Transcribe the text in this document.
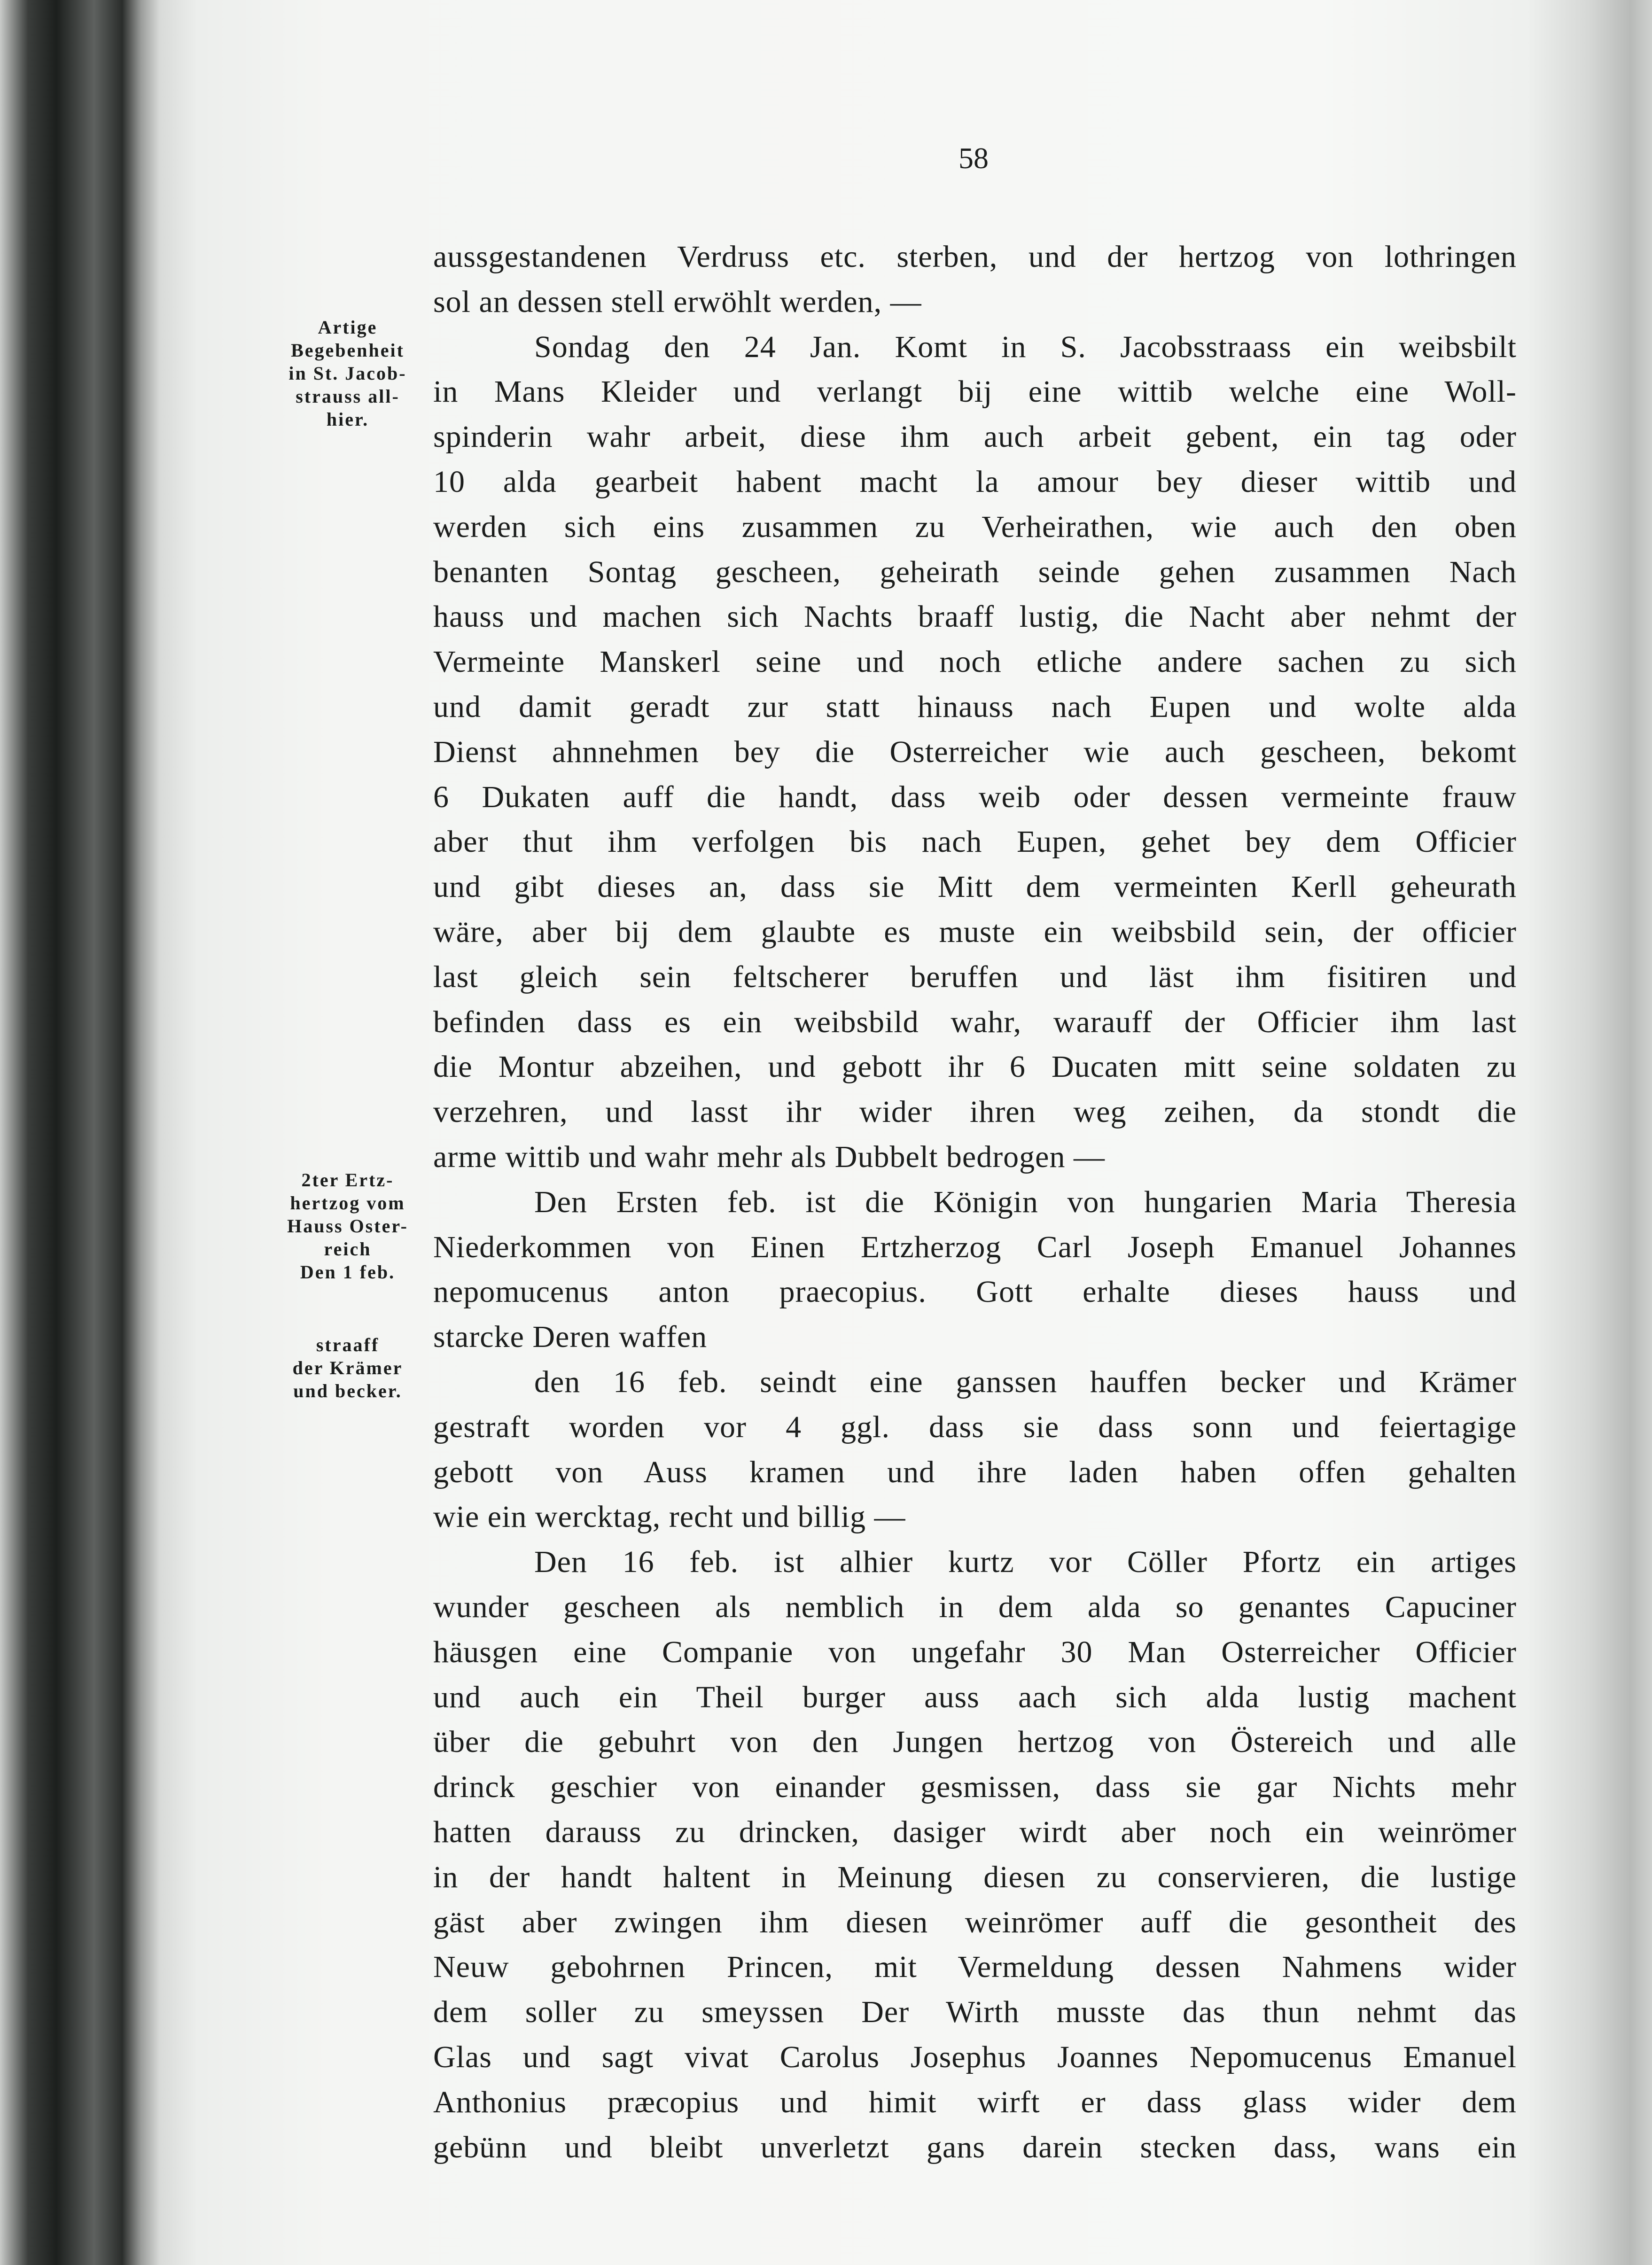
58
aussgestandenen Verdruss etc. sterben, und der hertzog von lothringen
sol an dessen stell erwöhlt werden, —
Sondag den 24 Jan. Komt in S. Jacobsstraass ein weibsbilt
in Mans Kleider und verlangt bij eine wittib welche eine Woll-
spinderin wahr arbeit, diese ihm auch arbeit gebent, ein tag oder
10 alda gearbeit habent macht la amour bey dieser wittib und
werden sich eins zusammen zu Verheirathen, wie auch den oben
benanten Sontag gescheen, geheirath seinde gehen zusammen Nach
hauss und machen sich Nachts braaff lustig, die Nacht aber nehmt der
Vermeinte Manskerl seine und noch etliche andere sachen zu sich
und damit geradt zur statt hinauss nach Eupen und wolte alda
Dienst ahnnehmen bey die Osterreicher wie auch gescheen, bekomt
6 Dukaten auff die handt, dass weib oder dessen vermeinte frauw
aber thut ihm verfolgen bis nach Eupen, gehet bey dem Officier
und gibt dieses an, dass sie Mitt dem vermeinten Kerll geheurath
wäre, aber bij dem glaubte es muste ein weibsbild sein, der officier
last gleich sein feltscherer beruffen und läst ihm fisitiren und
befinden dass es ein weibsbild wahr, warauff der Officier ihm last
die Montur abzeihen, und gebott ihr 6 Ducaten mitt seine soldaten zu
verzehren, und lasst ihr wider ihren weg zeihen, da stondt die
arme wittib und wahr mehr als Dubbelt bedrogen —
Den Ersten feb. ist die Königin von hungarien Maria Theresia
Niederkommen von Einen Ertzherzog Carl Joseph Emanuel Johannes
nepomucenus anton praecopius. Gott erhalte dieses hauss und
starcke Deren waffen
den 16 feb. seindt eine ganssen hauffen becker und Krämer
gestraft worden vor 4 ggl. dass sie dass sonn und feiertagige
gebott von Auss kramen und ihre laden haben offen gehalten
wie ein wercktag, recht und billig —
Den 16 feb. ist alhier kurtz vor Cöller Pfortz ein artiges
wunder gescheen als nemblich in dem alda so genantes Capuciner
häusgen eine Companie von ungefahr 30 Man Osterreicher Officier
und auch ein Theil burger auss aach sich alda lustig machent
über die gebuhrt von den Jungen hertzog von Östereich und alle
drinck geschier von einander gesmissen, dass sie gar Nichts mehr
hatten darauss zu drincken, dasiger wirdt aber noch ein weinrömer
in der handt haltent in Meinung diesen zu conservieren, die lustige
gäst aber zwingen ihm diesen weinrömer auff die gesontheit des
Neuw gebohrnen Princen, mit Vermeldung dessen Nahmens wider
dem soller zu smeyssen Der Wirth musste das thun nehmt das
Glas und sagt vivat Carolus Josephus Joannes Nepomucenus Emanuel
Anthonius præcopius und himit wirft er dass glass wider dem
gebünn und bleibt unverletzt gans darein stecken dass, wans ein
Artige
Begebenheit
in St. Jacob-
strauss all-
hier.
2ter Ertz-
hertzog vom
Hauss Oster-
reich
Den 1 feb.
straaff
der Krämer
und becker.
